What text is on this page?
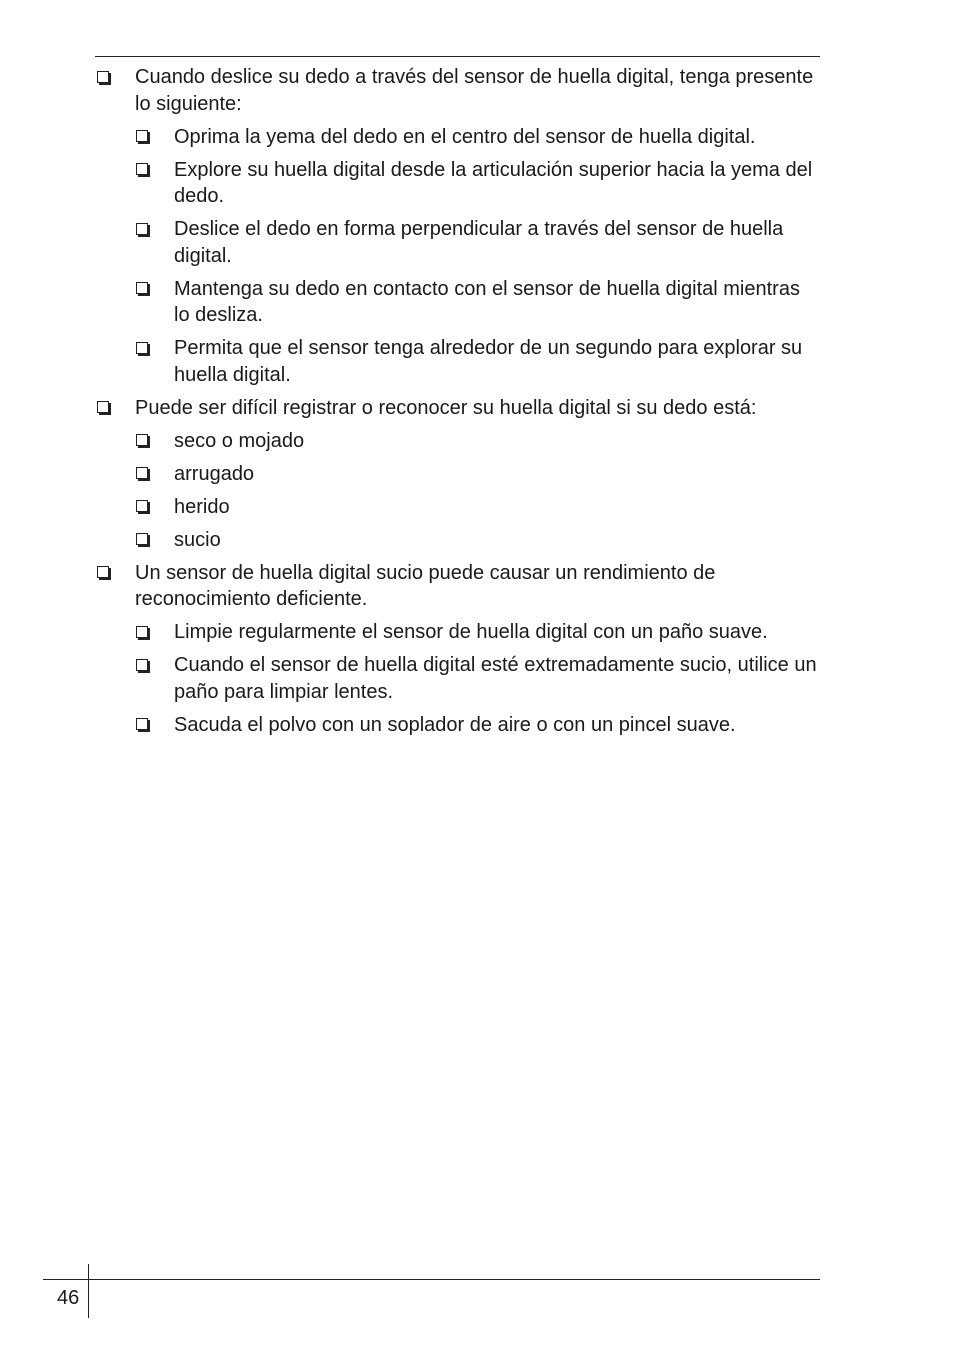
Cuando deslice su dedo a través del sensor de huella digital, tenga presente lo siguiente:
Oprima la yema del dedo en el centro del sensor de huella digital.
Explore su huella digital desde la articulación superior hacia la yema del dedo.
Deslice el dedo en forma perpendicular a través del sensor de huella digital.
Mantenga su dedo en contacto con el sensor de huella digital mientras lo desliza.
Permita que el sensor tenga alrededor de un segundo para explorar su huella digital.
Puede ser difícil registrar o reconocer su huella digital si su dedo está:
seco o mojado
arrugado
herido
sucio
Un sensor de huella digital sucio puede causar un rendimiento de reconocimiento deficiente.
Limpie regularmente el sensor de huella digital con un paño suave.
Cuando el sensor de huella digital esté extremadamente sucio, utilice un paño para limpiar lentes.
Sacuda el polvo con un soplador de aire o con un pincel suave.
46
